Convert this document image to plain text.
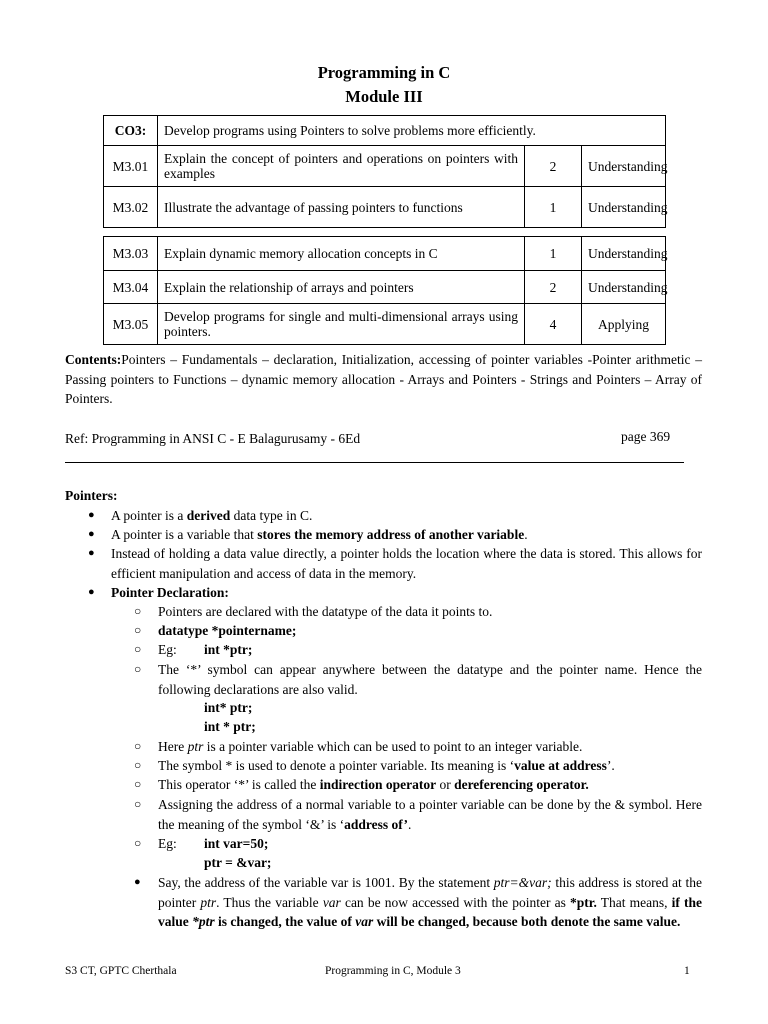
Programming in C
Module III
CO3:	Develop programs using Pointers to solve problems more efficiently.		
M3.01	Explain the concept of pointers and operations on pointers with examples	2	Understanding
M3.02	Illustrate the advantage of passing pointers to functions	1	Understanding
M3.03	Explain dynamic memory allocation concepts in C	1	Understanding
M3.04	Explain the relationship of arrays and pointers	2	Understanding
M3.05	Develop programs for single and multi-dimensional arrays using pointers.	4	Applying
Contents:Pointers – Fundamentals – declaration, Initialization, accessing of pointer variables -Pointer arithmetic – Passing pointers to Functions – dynamic memory allocation - Arrays and Pointers - Strings and Pointers – Array of Pointers.
Ref: Programming in ANSI C - E Balagurusamy - 6Ed	page 369
Pointers:
● A pointer is a derived data type in C.
● A pointer is a variable that stores the memory address of another variable.
● Instead of holding a data value directly, a pointer holds the location where the data is stored. This allows for efficient manipulation and access of data in the memory.
● Pointer Declaration:
○ Pointers are declared with the datatype of the data it points to.
○ datatype *pointername;
○ Eg: int *ptr;
○ The ‘*’ symbol can appear anywhere between the datatype and the pointer name. Hence the following declarations are also valid.
int* ptr;
int * ptr;
○ Here ptr is a pointer variable which can be used to point to an integer variable.
○ The symbol * is used to denote a pointer variable. Its meaning is ‘value at address’.
○ This operator ‘*’ is called the indirection operator or dereferencing operator.
○ Assigning the address of a normal variable to a pointer variable can be done by the & symbol. Here the meaning of the symbol ‘&’ is ‘address of’.
○ Eg: int var=50;
ptr = &var;
● Say, the address of the variable var is 1001. By the statement ptr=&var; this address is stored at the pointer ptr. Thus the variable var can be now accessed with the pointer as *ptr. That means, if the value *ptr is changed, the value of var will be changed, because both denote the same value.
S3 CT, GPTC Cherthala	Programming in C, Module 3	1
